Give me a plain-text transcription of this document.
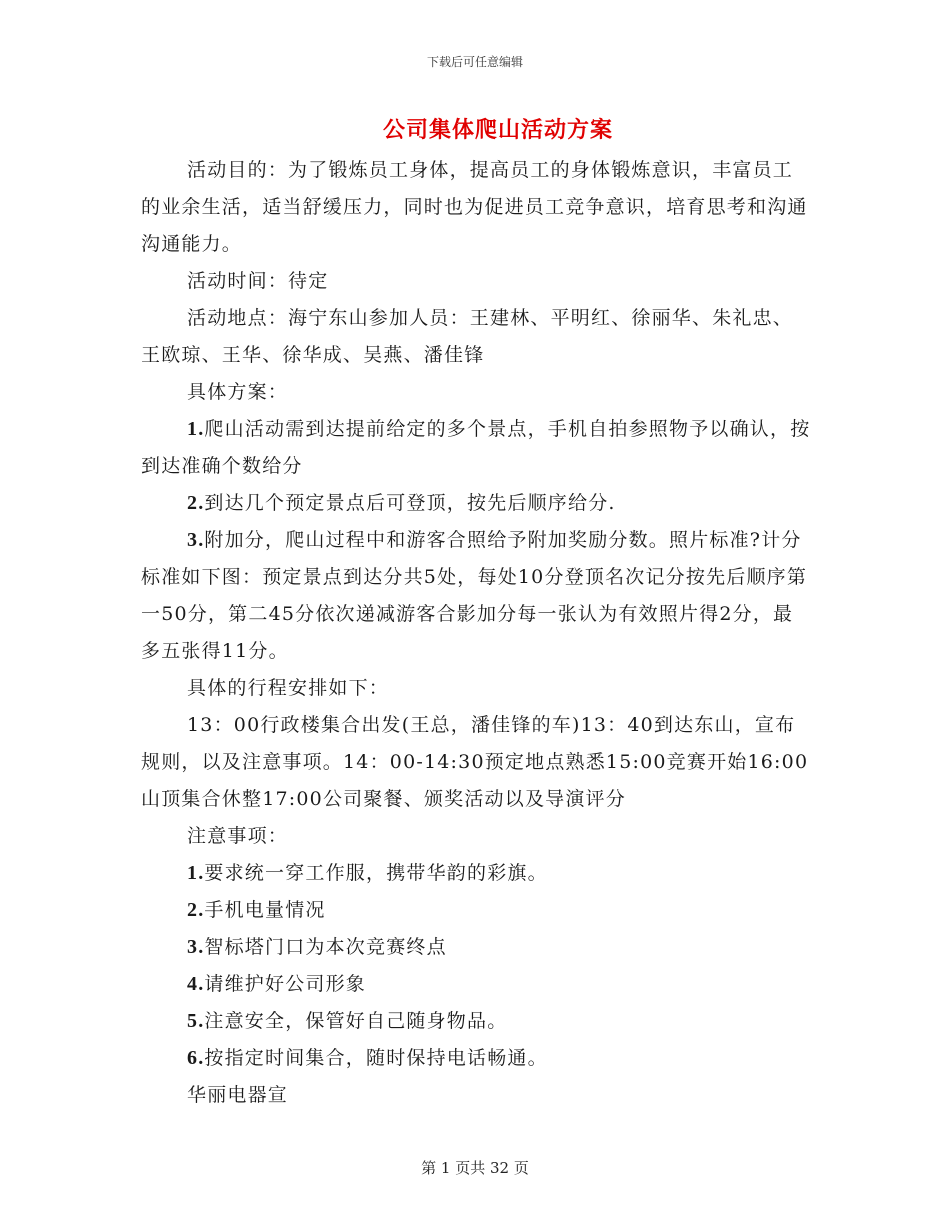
下载后可任意编辑
公司集体爬山活动方案

活动目的：为了锻炼员工身体，提高员工的身体锻炼意识，丰富员工的业余生活，适当舒缓压力，同时也为促进员工竞争意识，培育思考和沟通沟通能力。

活动时间：待定

活动地点：海宁东山参加人员：王建林、平明红、徐丽华、朱礼忠、王欧琼、王华、徐华成、吴燕、潘佳锋

具体方案：

1.爬山活动需到达提前给定的多个景点，手机自拍参照物予以确认，按到达准确个数给分

2.到达几个预定景点后可登顶，按先后顺序给分.

3.附加分，爬山过程中和游客合照给予附加奖励分数。照片标准?计分标准如下图：预定景点到达分共5处，每处10分登顶名次记分按先后顺序第一50分，第二45分依次递减游客合影加分每一张认为有效照片得2分，最多五张得11分。

具体的行程安排如下：

13：00行政楼集合出发(王总，潘佳锋的车)13：40到达东山，宣布规则，以及注意事项。14：00-14:30预定地点熟悉15:00竞赛开始16:00山顶集合休整17:00公司聚餐、颁奖活动以及导演评分

注意事项：

1.要求统一穿工作服，携带华韵的彩旗。

2.手机电量情况

3.智标塔门口为本次竞赛终点

4.请维护好公司形象

5.注意安全，保管好自己随身物品。

6.按指定时间集合，随时保持电话畅通。

华丽电器宣

第 1 页共 32 页
